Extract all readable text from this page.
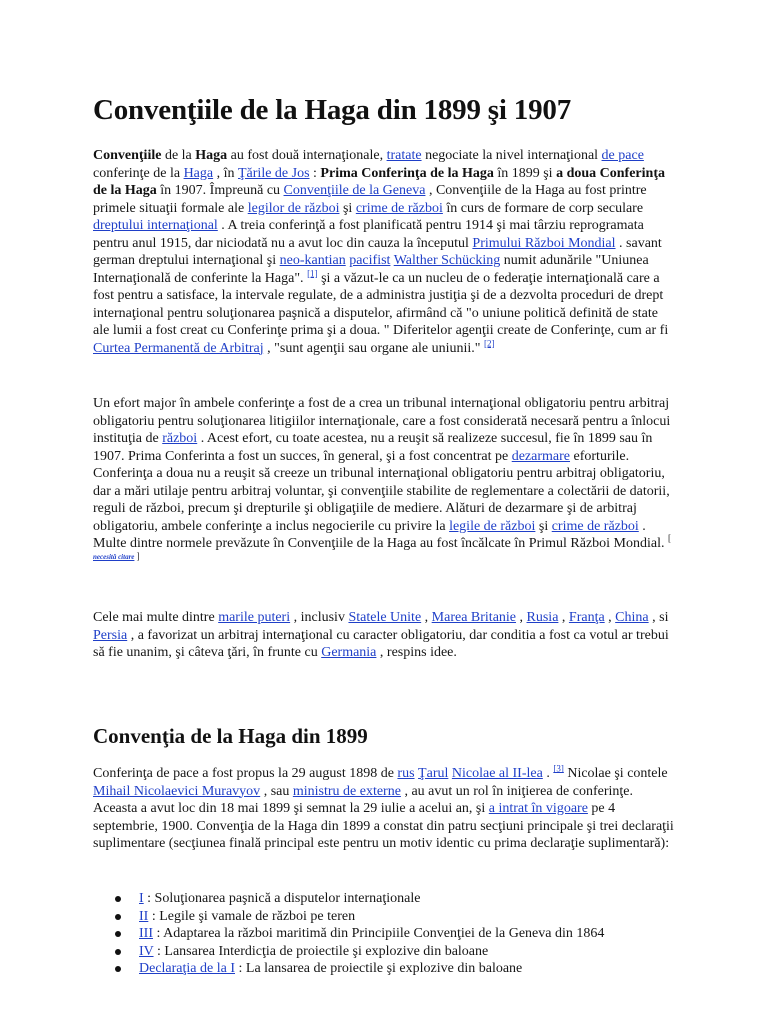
Convenţiile de la Haga din 1899 şi 1907
Convenţiile de la Haga au fost două internaţionale, tratate negociate la nivel internaţional de pace conferinţe de la Haga , în Ţările de Jos : Prima Conferinţa de la Haga în 1899 şi a doua Conferinţa de la Haga în 1907. Împreună cu Convenţiile de la Geneva , Convenţiile de la Haga au fost printre primele situaţii formale ale legilor de război şi crime de război în curs de formare de corp seculare dreptului internaţional . A treia conferinţă a fost planificată pentru 1914 şi mai târziu reprogramata pentru anul 1915, dar niciodată nu a avut loc din cauza la începutul Primului Război Mondial . savant german dreptului internaţional şi neo-kantian pacifist Walther Schücking numit adunările "Uniunea Internaţională de conferinte la Haga". [1] şi a văzut-le ca un nucleu de o federaţie internaţională care a fost pentru a satisface, la intervale regulate, de a administra justiţia şi de a dezvolta proceduri de drept internaţional pentru soluţionarea paşnică a disputelor, afirmând că "o uniune politică definită de state ale lumii a fost creat cu Conferinţe prima şi a doua. " Diferitelor agenţii create de Conferinţe, cum ar fi Curtea Permanentă de Arbitraj , "sunt agenţii sau organe ale uniunii." [2]
Un efort major în ambele conferinţe a fost de a crea un tribunal internaţional obligatoriu pentru arbitraj obligatoriu pentru soluţionarea litigiilor internaţionale, care a fost considerată necesară pentru a înlocui instituţia de război . Acest efort, cu toate acestea, nu a reuşit să realizeze succesul, fie în 1899 sau în 1907. Prima Conferinta a fost un succes, în general, şi a fost concentrat pe dezarmare eforturile. Conferinţa a doua nu a reuşit să creeze un tribunal internaţional obligatoriu pentru arbitraj obligatoriu, dar a mări utilaje pentru arbitraj voluntar, şi convenţiile stabilite de reglementare a colectării de datorii, reguli de război, precum şi drepturile şi obligaţiile de mediere. Alături de dezarmare şi de arbitraj obligatoriu, ambele conferinţe a inclus negocierile cu privire la legile de război şi crime de război . Multe dintre normele prevăzute în Convenţiile de la Haga au fost încălcate în Primul Război Mondial. [ necesită citare ]
Cele mai multe dintre marile puteri , inclusiv Statele Unite , Marea Britanie , Rusia , Franţa , China , si Persia , a favorizat un arbitraj internaţional cu caracter obligatoriu, dar conditia a fost ca votul ar trebui să fie unanim, şi câteva ţări, în frunte cu Germania , respins idee.
Convenţia de la Haga din 1899
Conferinţa de pace a fost propus la 29 august 1898 de rus Ţarul Nicolae al II-lea . [3] Nicolae şi contele Mihail Nicolaevici Muravyov , sau ministru de externe , au avut un rol în iniţierea de conferinţe. Aceasta a avut loc din 18 mai 1899 şi semnat la 29 iulie a acelui an, şi a intrat în vigoare pe 4 septembrie, 1900. Convenţia de la Haga din 1899 a constat din patru secţiuni principale şi trei declaraţii suplimentare (secţiunea finală principal este pentru un motiv identic cu prima declaraţie suplimentară):
I : Soluţionarea paşnică a disputelor internaţionale
II : Legile şi vamale de război pe teren
III : Adaptarea la război maritimă din Principiile Convenţiei de la Geneva din 1864
IV : Lansarea Interdicţia de proiectile şi explozive din baloane
Declaraţia de la I : La lansarea de proiectile şi explozive din baloane
